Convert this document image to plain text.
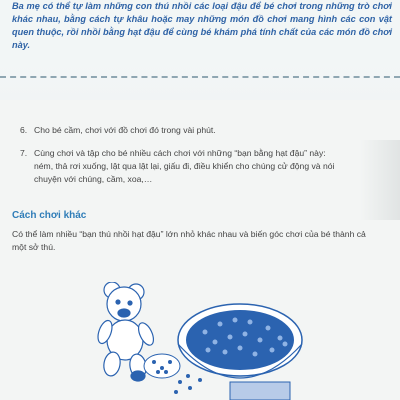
Ba mẹ có thể tự làm những con thú nhồi các loại đậu để bé chơi trong những trò chơi khác nhau, bằng cách tự khâu hoặc may những món đồ chơi mang hình các con vật quen thuộc, rồi nhồi bằng hạt đậu để cùng bé khám phá tính chất của các món đồ chơi này.

6. Cho bé cầm, chơi với đồ chơi đó trong vài phút.
7. Cùng chơi và tập cho bé nhiều cách chơi với những “bạn bằng hạt đậu” này: ném, thả rơi xuống, lật qua lật lại, giấu đi, điều khiển cho chúng cử động và nói chuyện với chúng, cầm, xoa,…
Cách chơi khác
Có thể làm nhiều “bạn thú nhồi hạt đậu” lớn nhỏ khác nhau và biến góc chơi của bé thành cả một sở thú.
